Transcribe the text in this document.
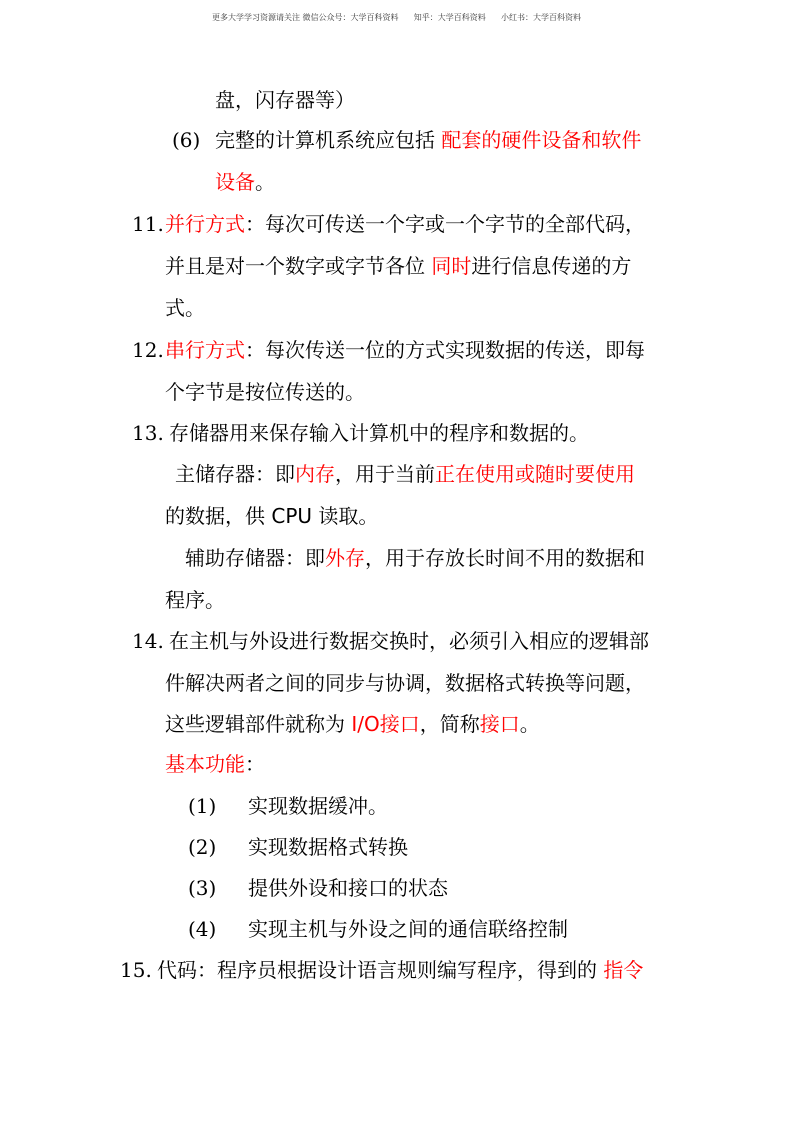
更多大学学习资源请关注 微信公众号：大学百科资料      知乎：大学百科资料      小红书：大学百科资料
盘，闪存器等）
(6) 完整的计算机系统应包括 配套的硬件设备和软件
设备。
11. 并行方式：每次可传送一个字或一个字节的全部代码，
并且是对一个数字或字节各位 同时进行信息传递的方
式。
12. 串行方式：每次传送一位的方式实现数据的传送，即每
个字节是按位传送的。
13. 存储器用来保存输入计算机中的程序和数据的。
主储存器：即内存，用于当前正在使用或随时要使用
的数据，供 CPU 读取。
辅助存储器：即外存，用于存放长时间不用的数据和
程序。
14. 在主机与外设进行数据交换时，必须引入相应的逻辑部
件解决两者之间的同步与协调，数据格式转换等问题，
这些逻辑部件就称为 I/O接口，简称接口。
基本功能：
(1) 实现数据缓冲。
(2) 实现数据格式转换
(3) 提供外设和接口的状态
(4) 实现主机与外设之间的通信联络控制
15. 代码：程序员根据设计语言规则编写程序，得到的 指令
